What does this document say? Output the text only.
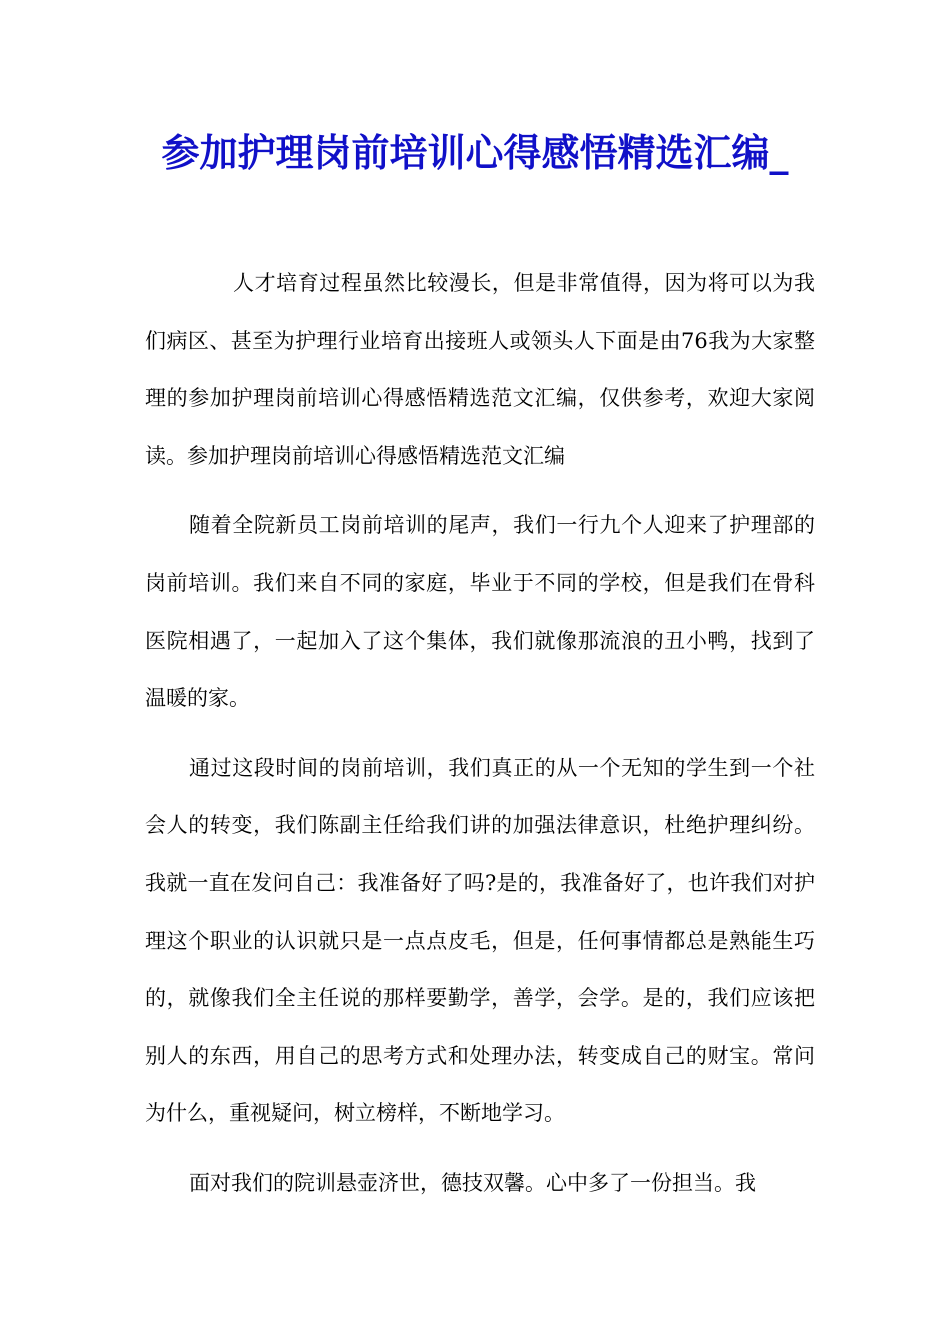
参加护理岗前培训心得感悟精选汇编_

人才培育过程虽然比较漫长，但是非常值得，因为将可以为我们病区、甚至为护理行业培育出接班人或领头人下面是由76我为大家整理的参加护理岗前培训心得感悟精选范文汇编，仅供参考，欢迎大家阅读。参加护理岗前培训心得感悟精选范文汇编

随着全院新员工岗前培训的尾声，我们一行九个人迎来了护理部的岗前培训。我们来自不同的家庭，毕业于不同的学校，但是我们在骨科医院相遇了，一起加入了这个集体，我们就像那流浪的丑小鸭，找到了温暖的家。

通过这段时间的岗前培训，我们真正的从一个无知的学生到一个社会人的转变，我们陈副主任给我们讲的加强法律意识，杜绝护理纠纷。我就一直在发问自己：我准备好了吗?是的，我准备好了，也许我们对护理这个职业的认识就只是一点点皮毛，但是，任何事情都总是熟能生巧的，就像我们全主任说的那样要勤学，善学，会学。是的，我们应该把别人的东西，用自己的思考方式和处理办法，转变成自己的财宝。常问为什么，重视疑问，树立榜样，不断地学习。

面对我们的院训悬壶济世，德技双馨。心中多了一份担当。我
